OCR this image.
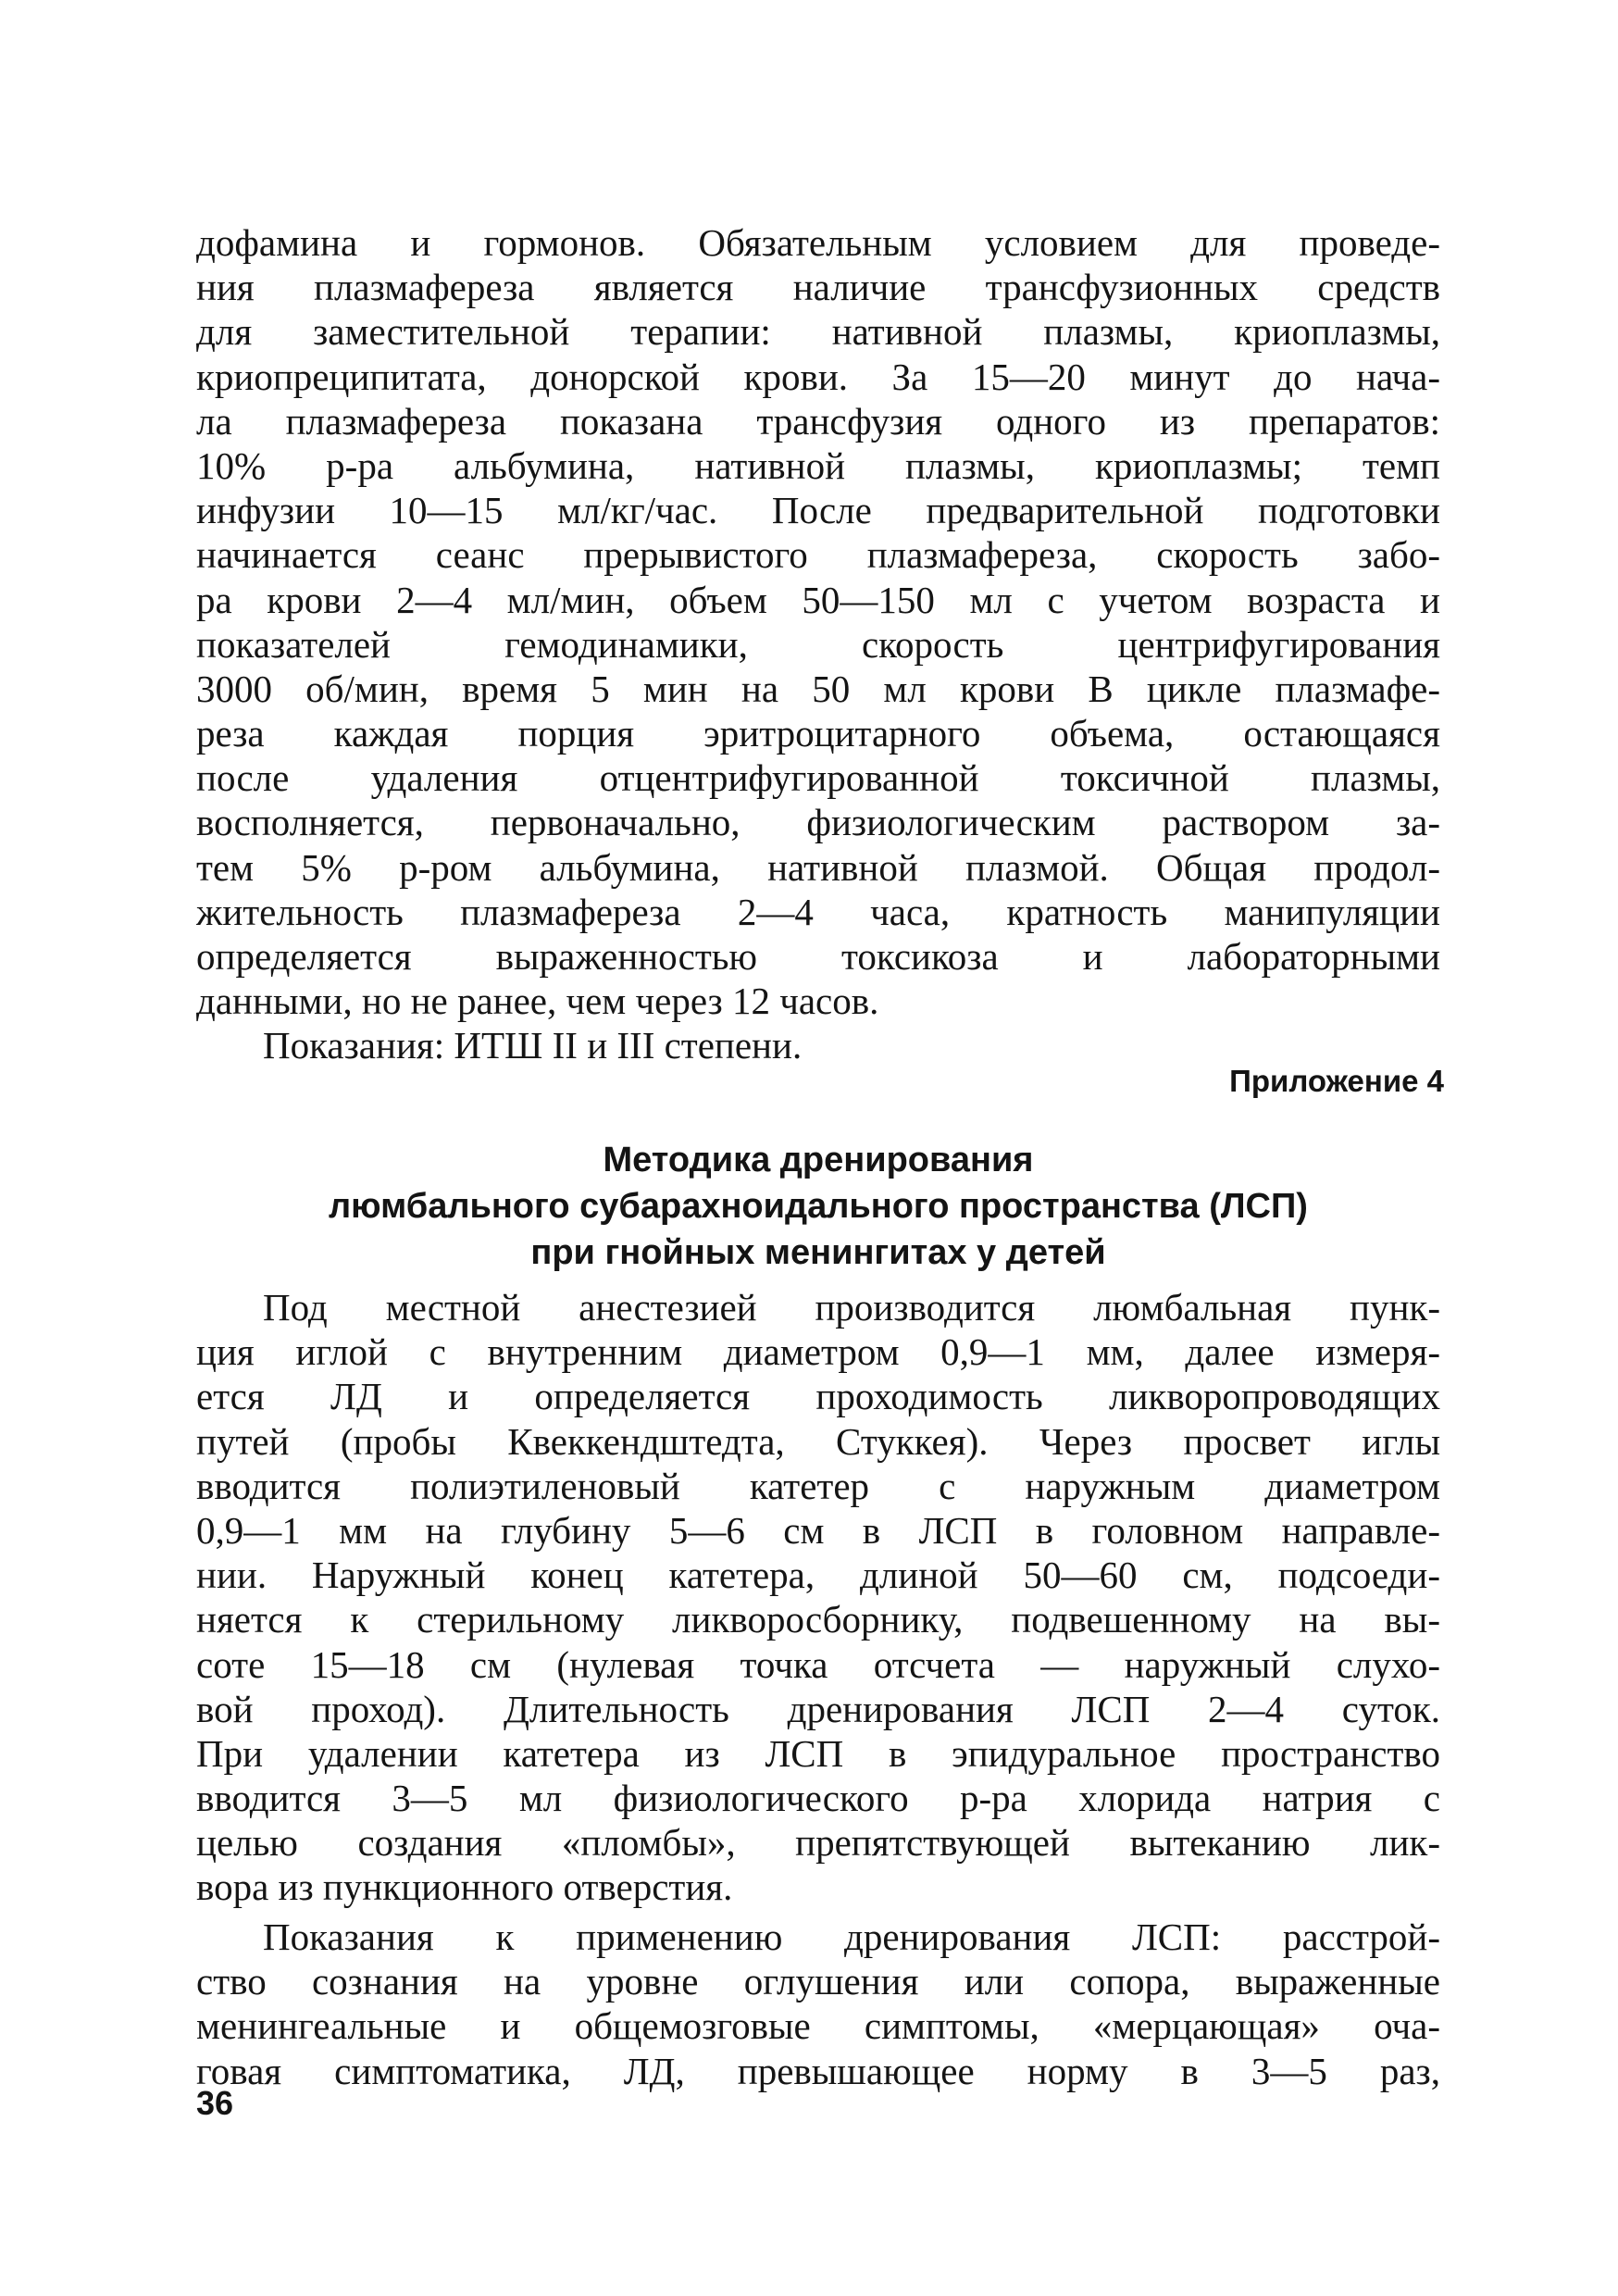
дофамина и гормонов. Обязательным условием для проведе-
ния плазмафереза является наличие трансфузионных средств
для заместительной терапии: нативной плазмы, криоплазмы,
криопреципитата, донорской крови. За 15—20 минут до нача-
ла плазмафереза показана трансфузия одного из препаратов:
10% р-ра альбумина, нативной плазмы, криоплазмы; темп
инфузии 10—15 мл/кг/час. После предварительной подготовки
начинается сеанс прерывистого плазмафереза, скорость забо-
ра крови 2—4 мл/мин, объем 50—150 мл с учетом возраста и
показателей гемодинамики, скорость центрифугирования
3000 об/мин, время 5 мин на 50 мл крови В цикле плазмафе-
реза каждая порция эритроцитарного объема, остающаяся
после удаления отцентрифугированной токсичной плазмы,
восполняется, первоначально, физиологическим раствором за-
тем 5% р-ром альбумина, нативной плазмой. Общая продол-
жительность плазмафереза 2—4 часа, кратность манипуляции
определяется выраженностью токсикоза и лабораторными
данными, но не ранее, чем через 12 часов.
Показания: ИТШ II и III степени.
Приложение 4
Методика дренирования
люмбального субарахноидального пространства (ЛСП)
при гнойных менингитах у детей
Под местной анестезией производится люмбальная пунк-
ция иглой с внутренним диаметром 0,9—1 мм, далее измеря-
ется ЛД и определяется проходимость ликворопроводящих
путей (пробы Квеккендштедта, Стуккея). Через просвет иглы
вводится полиэтиленовый катетер с наружным диаметром
0,9—1 мм на глубину 5—6 см в ЛСП в головном направле-
нии. Наружный конец катетера, длиной 50—60 см, подсоеди-
няется к стерильному ликворосборнику, подвешенному на вы-
соте 15—18 см (нулевая точка отсчета — наружный слухо-
вой проход). Длительность дренирования ЛСП 2—4 суток.
При удалении катетера из ЛСП в эпидуральное пространство
вводится 3—5 мл физиологического р-ра хлорида натрия с
целью создания «пломбы», препятствующей вытеканию лик-
вора из пункционного отверстия.
Показания к применению дренирования ЛСП: расстрой-
ство сознания на уровне оглушения или сопора, выраженные
менингеальные и общемозговые симптомы, «мерцающая» оча-
говая симптоматика, ЛД, превышающее норму в 3—5 раз,
36
